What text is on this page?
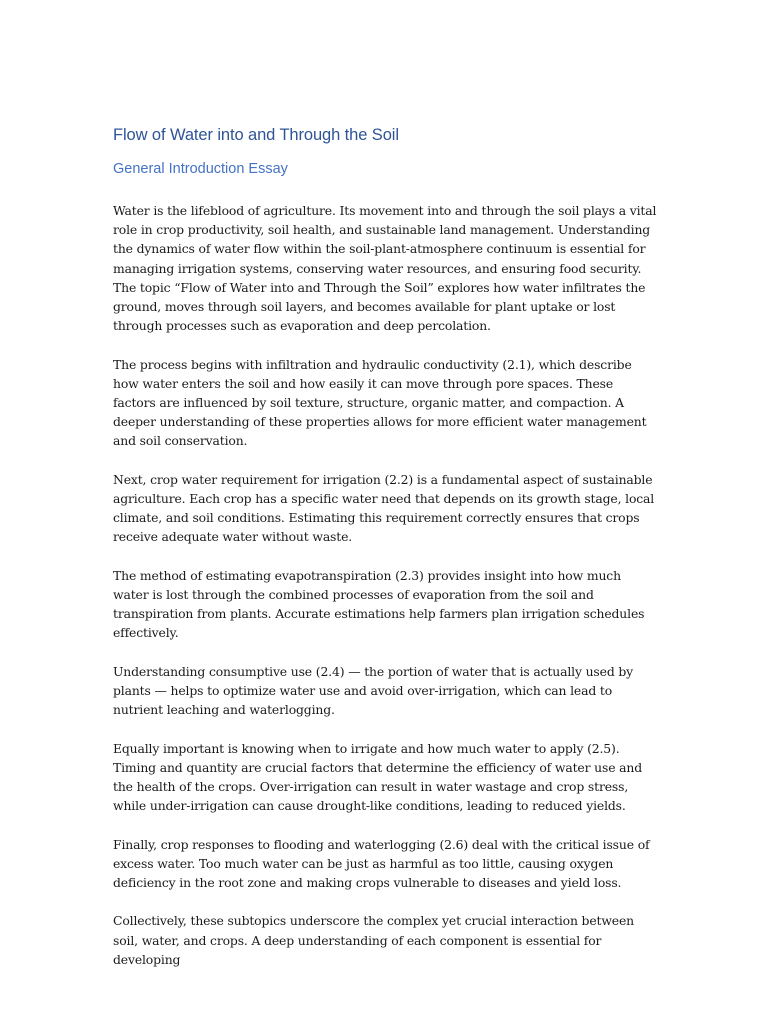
Flow of Water into and Through the Soil
General Introduction Essay

Water is the lifeblood of agriculture. Its movement into and through the soil plays a vital role in crop productivity, soil health, and sustainable land management. Understanding the dynamics of water flow within the soil-plant-atmosphere continuum is essential for managing irrigation systems, conserving water resources, and ensuring food security. The topic “Flow of Water into and Through the Soil” explores how water infiltrates the ground, moves through soil layers, and becomes available for plant uptake or lost through processes such as evaporation and deep percolation.

The process begins with infiltration and hydraulic conductivity (2.1), which describe how water enters the soil and how easily it can move through pore spaces. These factors are influenced by soil texture, structure, organic matter, and compaction. A deeper understanding of these properties allows for more efficient water management and soil conservation.

Next, crop water requirement for irrigation (2.2) is a fundamental aspect of sustainable agriculture. Each crop has a specific water need that depends on its growth stage, local climate, and soil conditions. Estimating this requirement correctly ensures that crops receive adequate water without waste.

The method of estimating evapotranspiration (2.3) provides insight into how much water is lost through the combined processes of evaporation from the soil and transpiration from plants. Accurate estimations help farmers plan irrigation schedules effectively.

Understanding consumptive use (2.4) — the portion of water that is actually used by plants — helps to optimize water use and avoid over-irrigation, which can lead to nutrient leaching and waterlogging.

Equally important is knowing when to irrigate and how much water to apply (2.5). Timing and quantity are crucial factors that determine the efficiency of water use and the health of the crops. Over-irrigation can result in water wastage and crop stress, while under-irrigation can cause drought-like conditions, leading to reduced yields.

Finally, crop responses to flooding and waterlogging (2.6) deal with the critical issue of excess water. Too much water can be just as harmful as too little, causing oxygen deficiency in the root zone and making crops vulnerable to diseases and yield loss.

Collectively, these subtopics underscore the complex yet crucial interaction between soil, water, and crops. A deep understanding of each component is essential for developing
